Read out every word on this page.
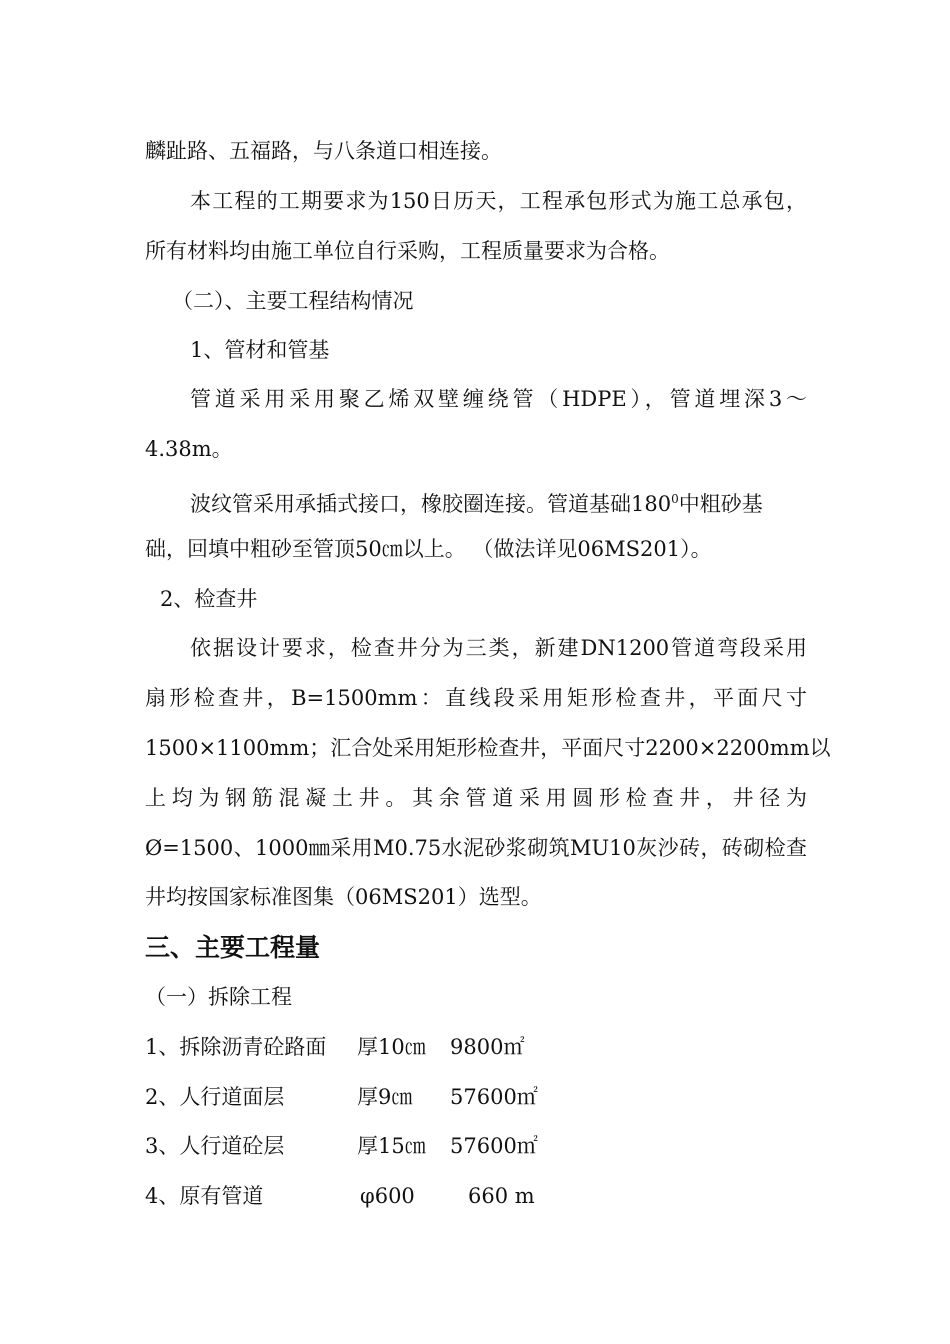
麟趾路、五福路，与八条道口相连接。
本工程的工期要求为150日历天，工程承包形式为施工总承包，
所有材料均由施工单位自行采购，工程质量要求为合格。
（二）、主要工程结构情况
1、管材和管基
管道采用采用聚乙烯双壁缠绕管（HDPE），管道埋深3～
4.38m。
波纹管采用承插式接口，橡胶圈连接。管道基础$180^0$中粗砂基
础，回填中粗砂至管顶50㎝以上。 （做法详见06MS201）。
2、检查井
依据设计要求，检查井分为三类，新建DN1200管道弯段采用
扇形检查井，B=1500mm：直线段采用矩形检查井，平面尺寸
1500×1100mm；汇合处采用矩形检查井，平面尺寸2200×2200mm以
上均为钢筋混凝土井。其余管道采用圆形检查井，井径为
Ø=1500、1000㎜采用M0.75水泥砂浆砌筑MU10灰沙砖，砖砌检查
井均按国家标准图集（06MS201）选型。
三、主要工程量
（一）拆除工程
1、拆除沥青砼路面 厚10㎝ 9800㎡
2、人行道面层	厚9㎝ 57600㎡
3、人行道砼层	厚15㎝ 57600㎡
4、原有管道	φ600	660 m
